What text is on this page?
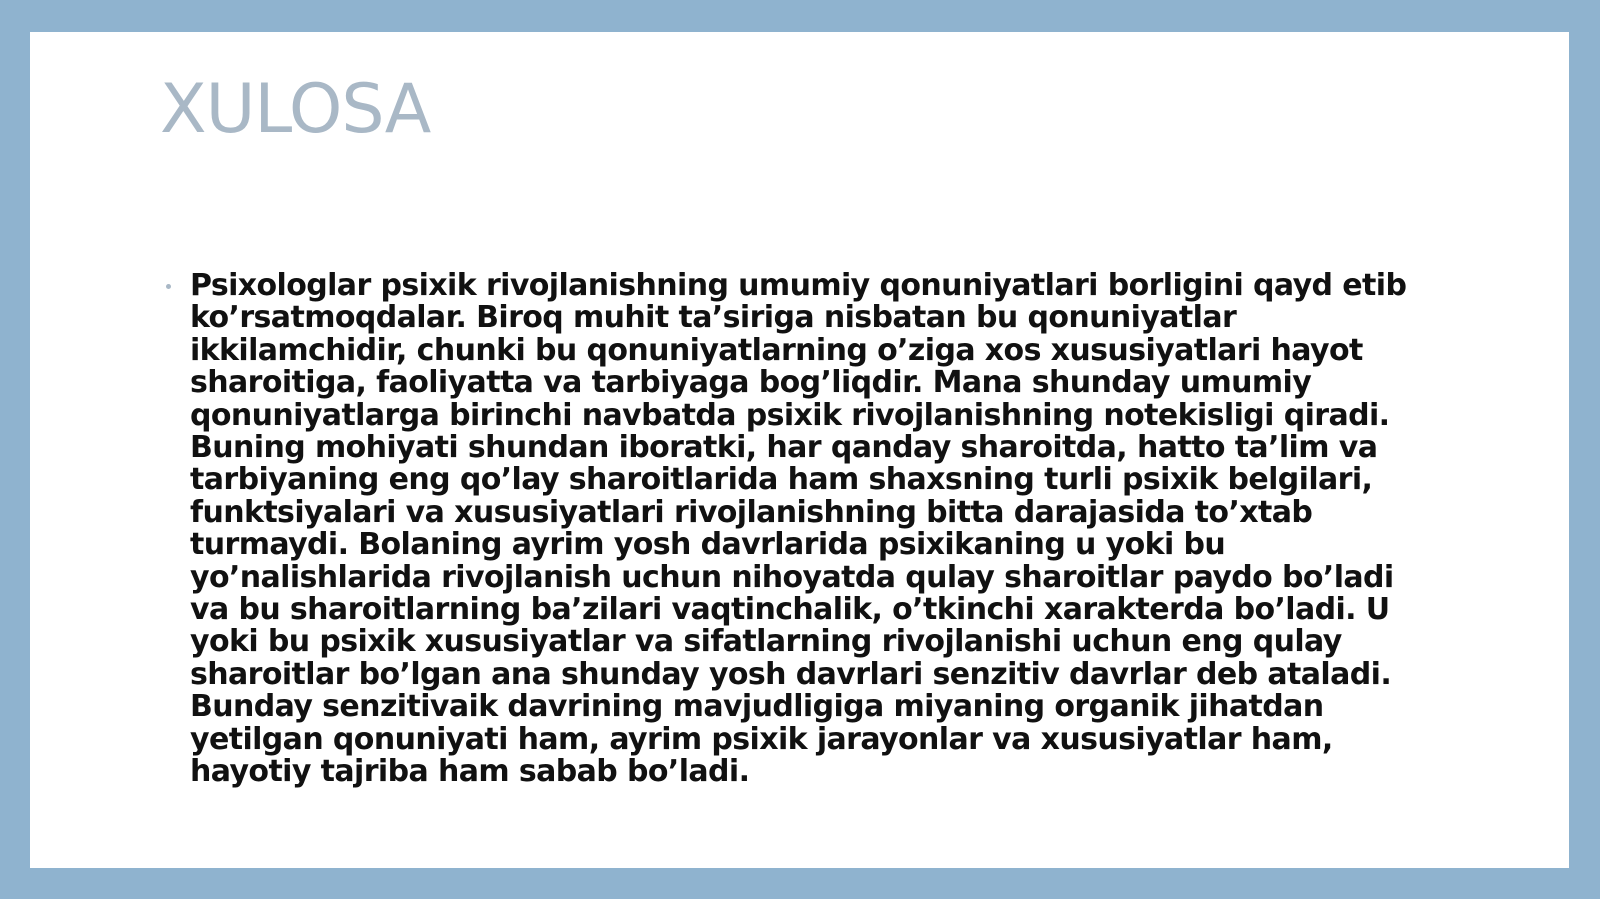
XULOSA

Psixologlar psixik rivojlanishning umumiy qonuniyatlari borligini qayd etib ko’rsatmoqdalar. Biroq muhit ta’siriga nisbatan bu qonuniyatlar ikkilamchidir, chunki bu qonuniyatlarning o’ziga xos xususiyatlari hayot sharoitiga, faoliyatta va tarbiyaga bog’liqdir. Mana shunday umumiy qonuniyatlarga birinchi navbatda psixik rivojlanishning notekisligi qiradi. Buning mohiyati shundan iboratki, har qanday sharoitda, hatto ta’lim va tarbiyaning eng qo’lay sharoitlarida ham shaxsning turli psixik belgilari, funktsiyalari va xususiyatlari rivojlanishning bitta darajasida to’xtab turmaydi. Bolaning ayrim yosh davrlarida psixikaning u yoki bu yo’nalishlarida rivojlanish uchun nihoyatda qulay sharoitlar paydo bo’ladi va bu sharoitlarning ba’zilari vaqtinchalik, o’tkinchi xarakterda bo’ladi. U yoki bu psixik xususiyatlar va sifatlarning rivojlanishi uchun eng qulay sharoitlar bo’lgan ana shunday yosh davrlari senzitiv davrlar deb ataladi. Bunday senzitivaik davrining mavjudligiga miyaning organik jihatdan yetilgan qonuniyati ham, ayrim psixik jarayonlar va xususiyatlar ham, hayotiy tajriba ham sabab bo’ladi.
